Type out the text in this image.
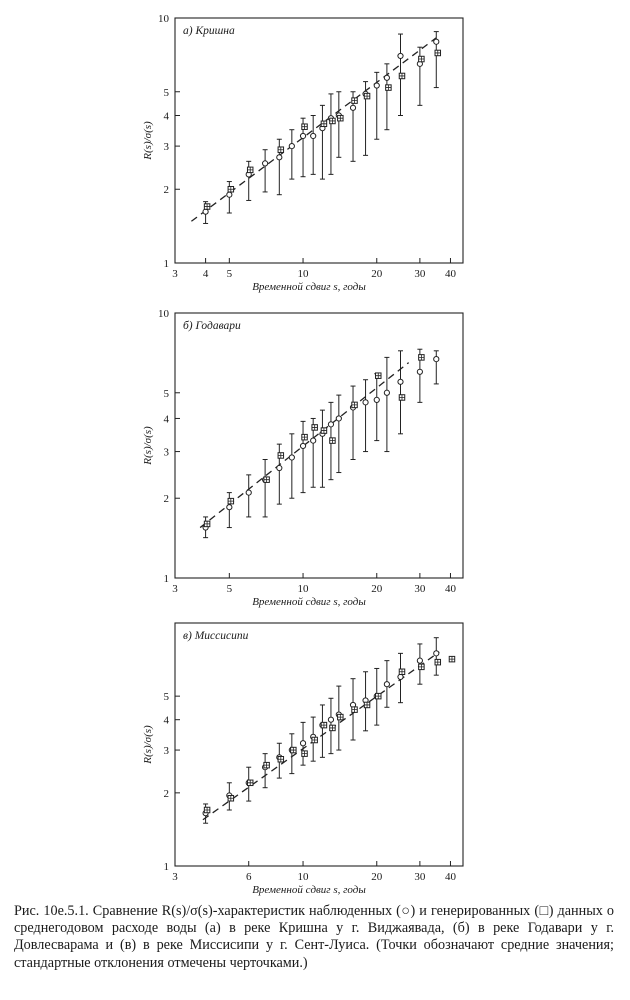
3 4 5	10	20	30 40
1
2
3
4
5
10
а) Кришна
Временной сдвиг s, годы
R(s)/σ(s)
3	5	10	20	30 40
1
2
3
4
5
10
б) Годавари
Временной сдвиг s, годы
R(s)/σ(s)
3	6	10	20	30 40
1
2
3
4
5
в) Миссисипи
Временной сдвиг s, годы
R(s)/σ(s)
Рис. 10е.5.1. Сравнение R(s)/σ(s)-характеристик наблюденных (○) и генерированных (□) данных о среднегодовом расходе воды (а) в реке Кришна у г. Виджаявада, (б) в реке Годавари у г. Довлесварама и (в) в реке Миссисипи у г. Сент-Луиса. (Точки обозначают средние значения; стандартные отклонения отмечены черточками.)
